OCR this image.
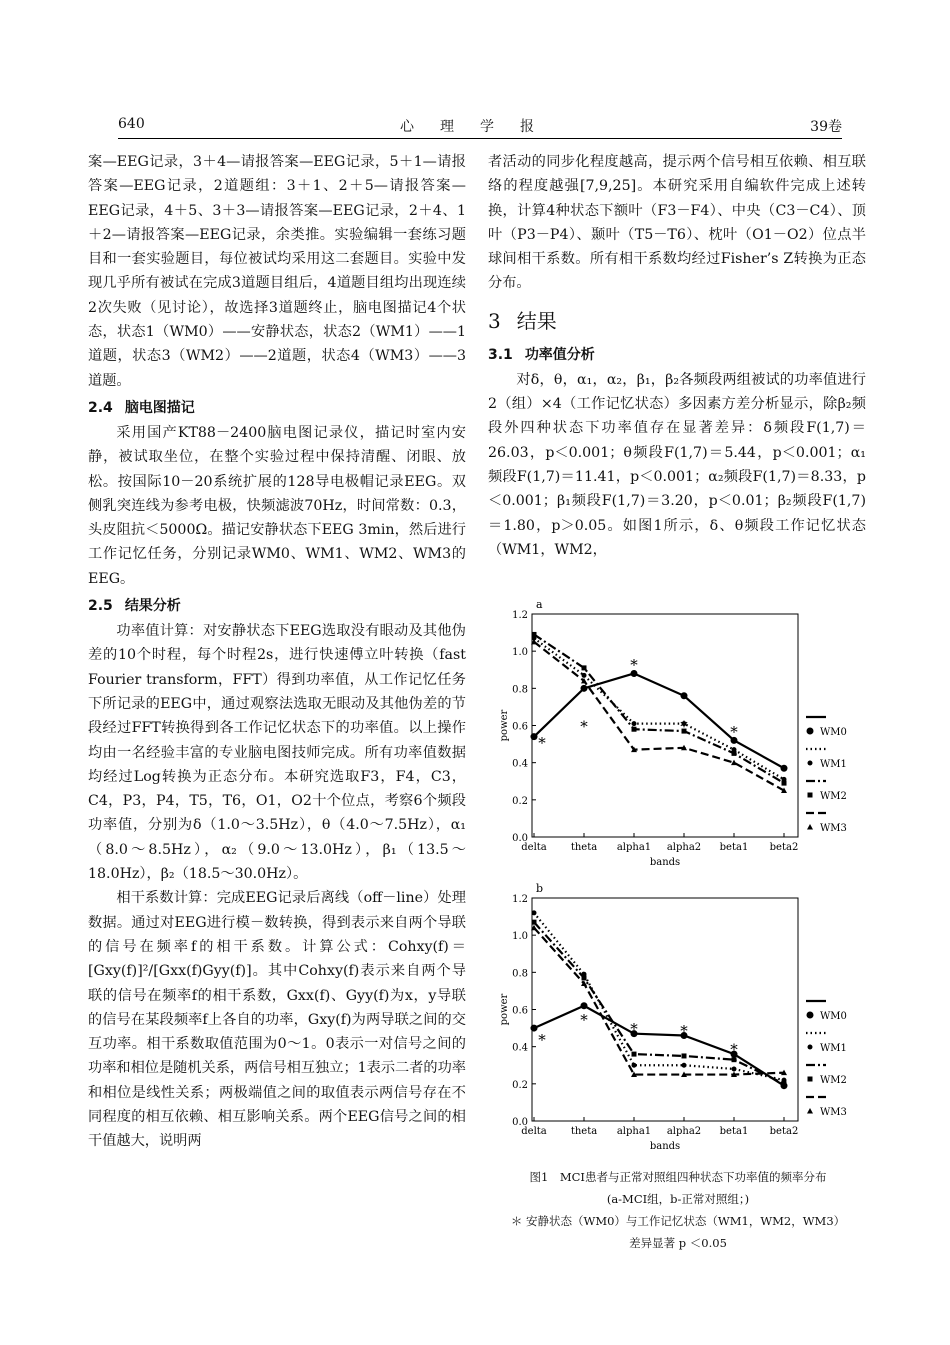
640	心理学报	39卷

案—EEG记录，3＋4—请报答案—EEG记录，5＋1—请报答案—EEG记录，2道题组：3＋1、2＋5—请报答案—EEG记录，4＋5、3＋3—请报答案—EEG记录，2＋4、1＋2—请报答案—EEG记录，余类推。实验编辑一套练习题目和一套实验题目，每位被试均采用这二套题目。实验中发现几乎所有被试在完成3道题目组后，4道题目组均出现连续2次失败（见讨论），故选择3道题终止，脑电图描记4个状态，状态1（WM0）——安静状态，状态2（WM1）——1道题，状态3（WM2）——2道题，状态4（WM3）——3道题。

2.4 脑电图描记

采用国产KT88－2400脑电图记录仪，描记时室内安静，被试取坐位，在整个实验过程中保持清醒、闭眼、放松。按国际10－20系统扩展的128导电极帽记录EEG。双侧乳突连线为参考电极，快频滤波70Hz，时间常数：0.3，头皮阻抗＜5000Ω。描记安静状态下EEG 3min，然后进行工作记忆任务，分别记录WM0、WM1、WM2、WM3的EEG。

2.5 结果分析

功率值计算：对安静状态下EEG选取没有眼动及其他伪差的10个时程，每个时程2s，进行快速傅立叶转换（fast Fourier transform，FFT）得到功率值，从工作记忆任务下所记录的EEG中，通过观察法选取无眼动及其他伪差的节段经过FFT转换得到各工作记忆状态下的功率值。以上操作均由一名经验丰富的专业脑电图技师完成。所有功率值数据均经过Log转换为正态分布。本研究选取F3，F4，C3，C4，P3，P4，T5，T6，O1，O2十个位点，考察6个频段功率值，分别为δ（1.0～3.5Hz），θ（4.0～7.5Hz），α₁（8.0～8.5Hz），α₂（9.0～13.0Hz），β₁（13.5～18.0Hz），β₂（18.5～30.0Hz）。

相干系数计算：完成EEG记录后离线（off－line）处理数据。通过对EEG进行模－数转换，得到表示来自两个导联的信号在频率f的相干系数。计算公式：Cohxy(f)＝[Gxy(f)]²/[Gxx(f)Gyy(f)]。其中Cohxy(f)表示来自两个导联的信号在频率f的相干系数，Gxx(f)、Gyy(f)为x，y导联的信号在某段频率f上各自的功率，Gxy(f)为两导联之间的交互功率。相干系数取值范围为0～1。0表示一对信号之间的功率和相位是随机关系，两信号相互独立；1表示二者的功率和相位是线性关系；两极端值之间的取值表示两信号存在不同程度的相互依赖、相互影响关系。两个EEG信号之间的相干值越大，说明两

者活动的同步化程度越高，提示两个信号相互依赖、相互联络的程度越强[7,9,25]。本研究采用自编软件完成上述转换，计算4种状态下额叶（F3－F4）、中央（C3－C4）、顶叶（P3－P4）、颞叶（T5－T6）、枕叶（O1－O2）位点半球间相干系数。所有相干系数均经过Fisher’s Z转换为正态分布。

3 结果
3.1 功率值分析

对δ，θ，α₁，α₂，β₁，β₂各频段两组被试的功率值进行2（组）×4（工作记忆状态）多因素方差分析显示，除β₂频段外四种状态下功率值存在显著差异：δ频段F(1,7)＝26.03，p＜0.001；θ频段F(1,7)＝5.44，p＜0.001；α₁频段F(1,7)＝11.41，p＜0.001；α₂频段F(1,7)＝8.33，p＜0.001；β₁频段F(1,7)＝3.20，p＜0.01；β₂频段F(1,7)＝1.80，p＞0.05。如图1所示，δ、θ频段工作记忆状态（WM1，WM2，

a
0.0
0.2
0.4
0.6
0.8
1.0
1.2
delta theta alpha1 alpha2 beta1 beta2
bands
power	WM0
WM1
WM2
WM3
*
*
*
*	*
b
0.0
0.2
0.4
0.6
0.8
1.0
1.2
delta theta alpha1 alpha2 beta1 beta2
bands
power	WM0
WM1
WM2
WM3
*
*
*	*
*
图1　MCI患者与正常对照组四种状态下功率值的频率分布
(a-MCI组，b-正常对照组；)
＊ 安静状态（WM0）与工作记忆状态（WM1，WM2，WM3）
差异显著 p ＜0.05
